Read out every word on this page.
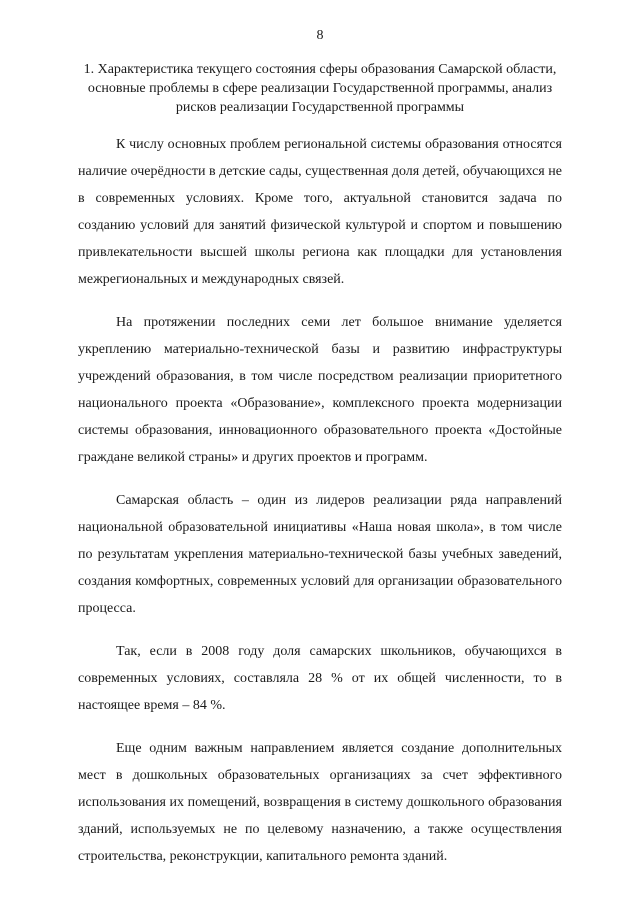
8
1. Характеристика текущего состояния сферы образования Самарской области, основные проблемы в сфере реализации Государственной программы, анализ рисков реализации Государственной программы

К числу основных проблем региональной системы образования относятся наличие очерёдности в детские сады, существенная доля детей, обучающихся не в современных условиях. Кроме того, актуальной становится задача по созданию условий для занятий физической культурой и спортом и повышению привлекательности высшей школы региона как площадки для установления межрегиональных и международных связей.

На протяжении последних семи лет большое внимание уделяется укреплению материально-технической базы и развитию инфраструктуры учреждений образования, в том числе посредством реализации приоритетного национального проекта «Образование», комплексного проекта модернизации системы образования, инновационного образовательного проекта «Достойные граждане великой страны» и других проектов и программ.

Самарская область – один из лидеров реализации ряда направлений национальной образовательной инициативы «Наша новая школа», в том числе по результатам укрепления материально-технической базы учебных заведений, создания комфортных, современных условий для организации образовательного процесса.

Так, если в 2008 году доля самарских школьников, обучающихся в современных условиях, составляла 28 % от их общей численности, то в настоящее время – 84 %.

Еще одним важным направлением является создание дополнительных мест в дошкольных образовательных организациях за счет эффективного использования их помещений, возвращения в систему дошкольного образования зданий, используемых не по целевому назначению, а также осуществления строительства, реконструкции, капитального ремонта зданий.
